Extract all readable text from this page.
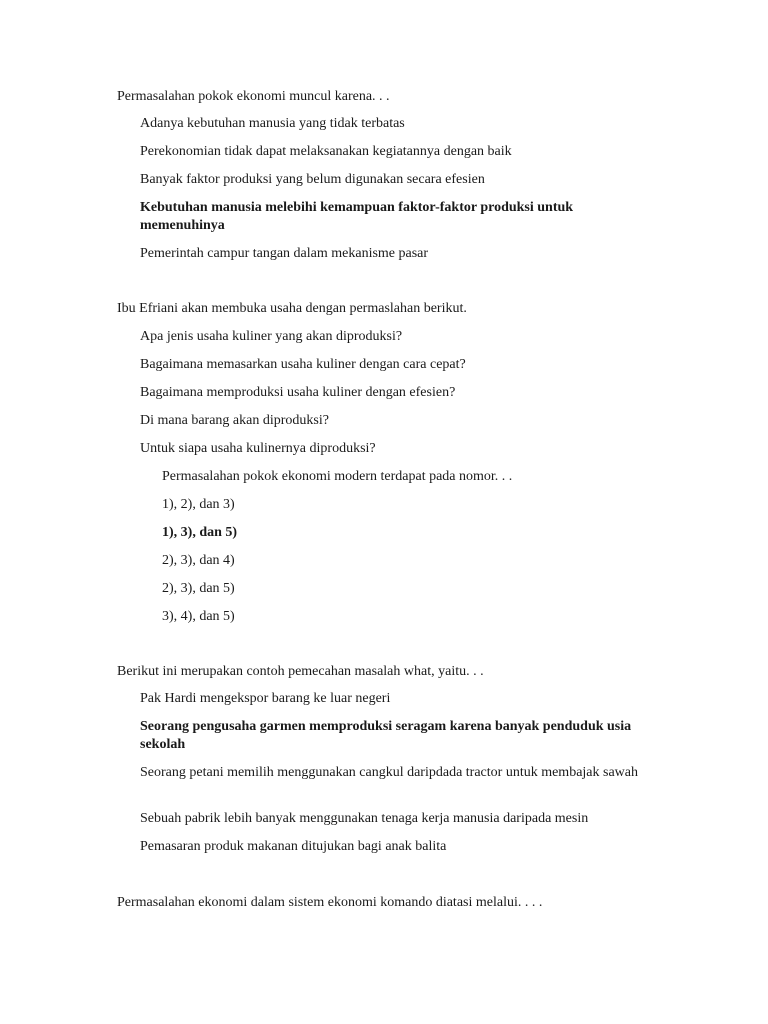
Permasalahan pokok ekonomi muncul karena. . .
Adanya kebutuhan manusia yang tidak terbatas
Perekonomian tidak dapat melaksanakan kegiatannya dengan baik
Banyak faktor produksi yang belum digunakan secara efesien
Kebutuhan manusia melebihi kemampuan faktor-faktor produksi untuk memenuhinya
Pemerintah campur tangan dalam mekanisme pasar
Ibu Efriani akan membuka usaha dengan permaslahan berikut.
Apa jenis usaha kuliner yang akan diproduksi?
Bagaimana memasarkan usaha kuliner dengan cara cepat?
Bagaimana memproduksi usaha kuliner dengan efesien?
Di mana barang akan diproduksi?
Untuk siapa usaha kulinernya diproduksi?
Permasalahan pokok ekonomi modern terdapat pada nomor. . .
1), 2), dan 3)
1), 3), dan 5)
2), 3), dan 4)
2), 3), dan 5)
3), 4), dan 5)
Berikut ini merupakan contoh pemecahan masalah what, yaitu. . .
Pak Hardi mengekspor barang ke luar negeri
Seorang pengusaha garmen memproduksi seragam karena banyak penduduk usia sekolah
Seorang petani memilih menggunakan cangkul daripdada tractor untuk membajak sawah
Sebuah pabrik lebih banyak menggunakan tenaga kerja manusia daripada mesin
Pemasaran produk makanan ditujukan bagi anak balita
Permasalahan ekonomi dalam sistem ekonomi komando diatasi melalui. . . .
